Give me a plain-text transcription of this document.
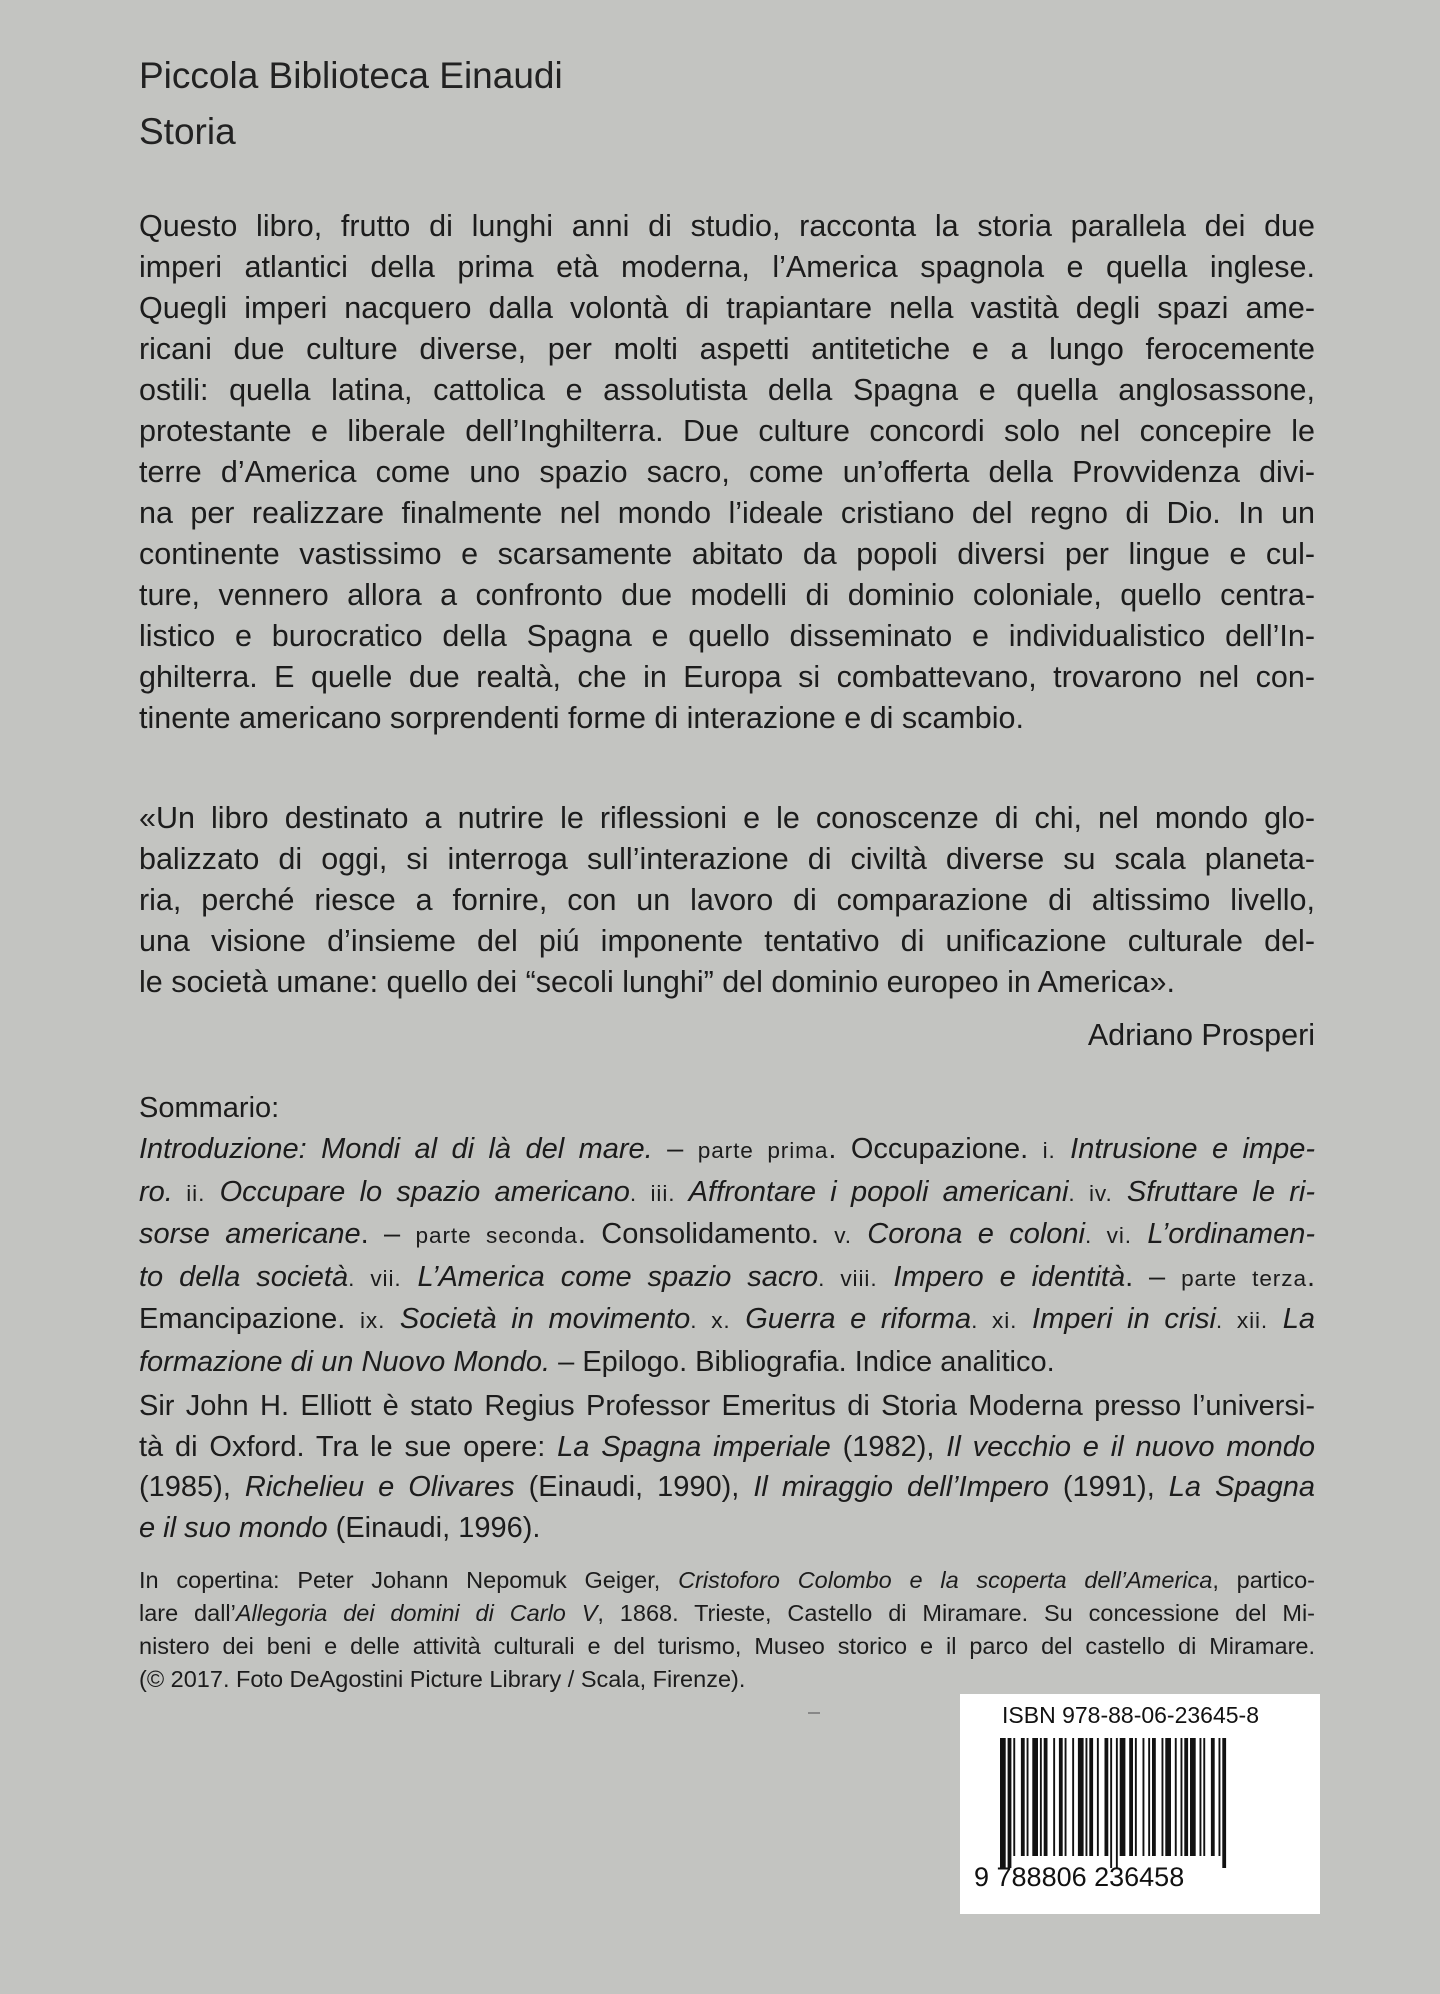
Piccola Biblioteca Einaudi
Storia
Questo libro, frutto di lunghi anni di studio, racconta la storia parallela dei due
imperi atlantici della prima età moderna, l’America spagnola e quella inglese.
Quegli imperi nacquero dalla volontà di trapiantare nella vastità degli spazi ame-
ricani due culture diverse, per molti aspetti antitetiche e a lungo ferocemente
ostili: quella latina, cattolica e assolutista della Spagna e quella anglosassone,
protestante e liberale dell’Inghilterra. Due culture concordi solo nel concepire le
terre d’America come uno spazio sacro, come un’offerta della Provvidenza divi-
na per realizzare finalmente nel mondo l’ideale cristiano del regno di Dio. In un
continente vastissimo e scarsamente abitato da popoli diversi per lingue e cul-
ture, vennero allora a confronto due modelli di dominio coloniale, quello centra-
listico e burocratico della Spagna e quello disseminato e individualistico dell’In-
ghilterra. E quelle due realtà, che in Europa si combattevano, trovarono nel con-
tinente americano sorprendenti forme di interazione e di scambio.
«Un libro destinato a nutrire le riflessioni e le conoscenze di chi, nel mondo glo-
balizzato di oggi, si interroga sull’interazione di civiltà diverse su scala planeta-
ria, perché riesce a fornire, con un lavoro di comparazione di altissimo livello,
una visione d’insieme del piú imponente tentativo di unificazione culturale del-
le società umane: quello dei “secoli lunghi” del dominio europeo in America».
Adriano Prosperi
Sommario:
Introduzione: Mondi al di là del mare. – parte prima. Occupazione. i. Intrusione e impe-
ro. ii. Occupare lo spazio americano. iii. Affrontare i popoli americani. iv. Sfruttare le ri-
sorse americane. – parte seconda. Consolidamento. v. Corona e coloni. vi. L’ordinamen-
to della società. vii. L’America come spazio sacro. viii. Impero e identità. – parte terza.
Emancipazione. ix. Società in movimento. x. Guerra e riforma. xi. Imperi in crisi. xii. La
formazione di un Nuovo Mondo. – Epilogo. Bibliografia. Indice analitico.
Sir John H. Elliott è stato Regius Professor Emeritus di Storia Moderna presso l’universi-
tà di Oxford. Tra le sue opere: La Spagna imperiale (1982), Il vecchio e il nuovo mondo
(1985), Richelieu e Olivares (Einaudi, 1990), Il miraggio dell’Impero (1991), La Spagna
e il suo mondo (Einaudi, 1996).
In copertina: Peter Johann Nepomuk Geiger, Cristoforo Colombo e la scoperta dell’America, partico-
lare dall’Allegoria dei domini di Carlo V, 1868. Trieste, Castello di Miramare. Su concessione del Mi-
nistero dei beni e delle attività culturali e del turismo, Museo storico e il parco del castello di Miramare.
(© 2017. Foto DeAgostini Picture Library / Scala, Firenze).
ISBN 978-88-06-23645-8
9 788806 236458
